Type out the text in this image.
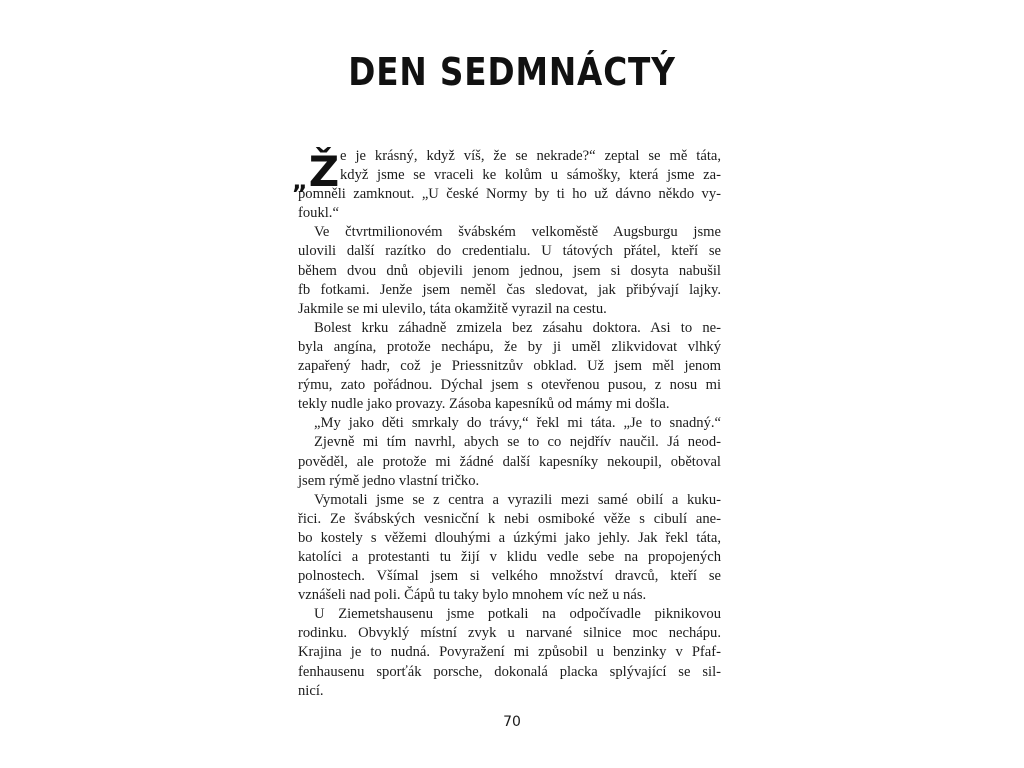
DEN SEDMNÁCTÝ
„ Ž e je krásný, když víš, že se nekrade?“ zeptal se mě táta,
když jsme se vraceli ke kolům u sámošky, která jsme za-
pomněli zamknout. „U české Normy by ti ho už dávno někdo vy-
foukl.“
Ve čtvrtmilionovém švábském velkoměstě Augsburgu jsme
ulovili další razítko do credentialu. U tátových přátel, kteří se
během dvou dnů objevili jenom jednou, jsem si dosyta nabušil
fb fotkami. Jenže jsem neměl čas sledovat, jak přibývají lajky.
Jakmile se mi ulevilo, táta okamžitě vyrazil na cestu.
Bolest krku záhadně zmizela bez zásahu doktora. Asi to ne-
byla angína, protože nechápu, že by ji uměl zlikvidovat vlhký
zapařený hadr, což je Priessnitzův obklad. Už jsem měl jenom
rýmu, zato pořádnou. Dýchal jsem s otevřenou pusou, z nosu mi
tekly nudle jako provazy. Zásoba kapesníků od mámy mi došla.
„My jako děti smrkaly do trávy,“ řekl mi táta. „Je to snadný.“
Zjevně mi tím navrhl, abych se to co nejdřív naučil. Já neod-
pověděl, ale protože mi žádné další kapesníky nekoupil, obětoval
jsem rýmě jedno vlastní tričko.
Vymotali jsme se z centra a vyrazili mezi samé obilí a kuku-
řici. Ze švábských vesnicční k nebi osmiboké věže s cibulí ane-
bo kostely s věžemi dlouhými a úzkými jako jehly. Jak řekl táta,
katolíci a protestanti tu žijí v klidu vedle sebe na propojených
polnostech. Všímal jsem si velkého množství dravců, kteří se
vznášeli nad poli. Čápů tu taky bylo mnohem víc než u nás.
U Ziemetshausenu jsme potkali na odpočívadle piknikovou
rodinku. Obvyklý místní zvyk u narvané silnice moc nechápu.
Krajina je to nudná. Povyražení mi způsobil u benzinky v Pfaf-
fenhausenu sporťák porsche, dokonalá placka splývající se sil-
nicí.
70
